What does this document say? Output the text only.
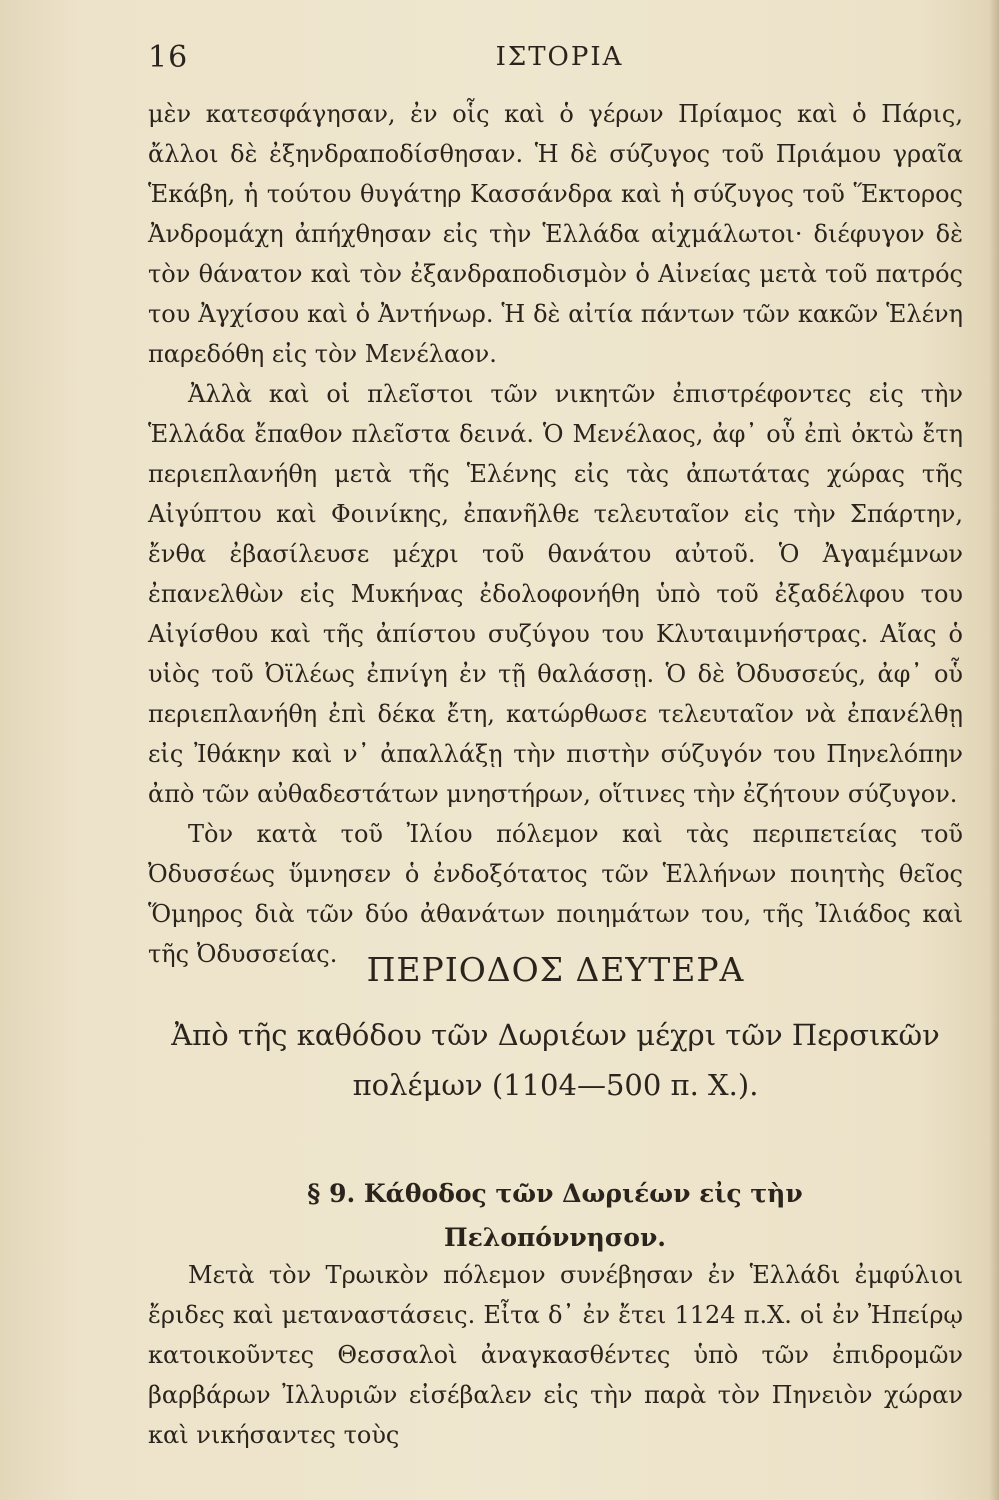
16	ΙΣΤΟΡΙΑ

μὲν κατεσφάγησαν, ἐν οἷς καὶ ὁ γέρων Πρίαμος καὶ ὁ Πάρις, ἄλλοι δὲ ἐξηνδραποδίσθησαν. Ἡ δὲ σύζυγος τοῦ Πριάμου γραῖα Ἑκάβη, ἡ τούτου θυγάτηρ Κασσάνδρα καὶ ἡ σύζυγος τοῦ Ἕκτορος Ἀνδρομάχη ἀπήχθησαν εἰς τὴν Ἑλλάδα αἰχμάλωτοι· διέφυγον δὲ τὸν θάνατον καὶ τὸν ἐξανδραποδισμὸν ὁ Αἰνείας μετὰ τοῦ πατρός του Ἀγχίσου καὶ ὁ Ἀντήνωρ. Ἡ δὲ αἰτία πάντων τῶν κακῶν Ἑλένη παρεδόθη εἰς τὸν Μενέλαον.

Ἀλλὰ καὶ οἱ πλεῖστοι τῶν νικητῶν ἐπιστρέφοντες εἰς τὴν Ἑλλάδα ἔπαθον πλεῖστα δεινά. Ὁ Μενέλαος, ἀφ᾽ οὗ ἐπὶ ὀκτὼ ἔτη περιεπλανήθη μετὰ τῆς Ἑλένης εἰς τὰς ἀπωτάτας χώρας τῆς Αἰγύπτου καὶ Φοινίκης, ἐπανῆλθε τελευταῖον εἰς τὴν Σπάρτην, ἔνθα ἐβασίλευσε μέχρι τοῦ θανάτου αὐτοῦ. Ὁ Ἀγαμέμνων ἐπανελθὼν εἰς Μυκήνας ἐδολοφονήθη ὑπὸ τοῦ ἐξαδέλφου του Αἰγίσθου καὶ τῆς ἀπίστου συζύγου του Κλυταιμνήστρας. Αἴας ὁ υἱὸς τοῦ Ὀϊλέως ἐπνίγη ἐν τῇ θαλάσσῃ. Ὁ δὲ Ὀδυσσεύς, ἀφ᾽ οὗ περιεπλανήθη ἐπὶ δέκα ἔτη, κατώρθωσε τελευταῖον νὰ ἐπανέλθῃ εἰς Ἰθάκην καὶ ν᾽ ἀπαλλάξῃ τὴν πιστὴν σύζυγόν του Πηνελόπην ἀπὸ τῶν αὐθαδεστάτων μνηστήρων, οἵτινες τὴν ἐζήτουν σύζυγον.

Τὸν κατὰ τοῦ Ἰλίου πόλεμον καὶ τὰς περιπετείας τοῦ Ὀδυσσέως ὕμνησεν ὁ ἐνδοξότατος τῶν Ἑλλήνων ποιητὴς θεῖος Ὅμηρος διὰ τῶν δύο ἀθανάτων ποιημάτων του, τῆς Ἰλιάδος καὶ τῆς Ὀδυσσείας. ΠΕΡΙΟΔΟΣ ΔΕΥΤΕΡΑ
Ἀπὸ τῆς καθόδου τῶν Δωριέων μέχρι τῶν Περσικῶν
πολέμων (1104—500 π. Χ.).
§ 9. Κάθοδος τῶν Δωριέων εἰς τὴν
Πελοπόννησον.
Μετὰ τὸν Τρωικὸν πόλεμον συνέβησαν ἐν Ἑλλάδι ἐμφύλιοι ἔριδες καὶ μεταναστάσεις. Εἶτα δ᾽ ἐν ἔτει 1124 π.Χ. οἱ ἐν Ἠπείρῳ κατοικοῦντες Θεσσαλοὶ ἀναγκασθέντες ὑπὸ τῶν ἐπιδρομῶν βαρβάρων Ἰλλυριῶν εἰσέβαλεν εἰς τὴν παρὰ τὸν Πηνειὸν χώραν καὶ νικήσαντες τοὺς
